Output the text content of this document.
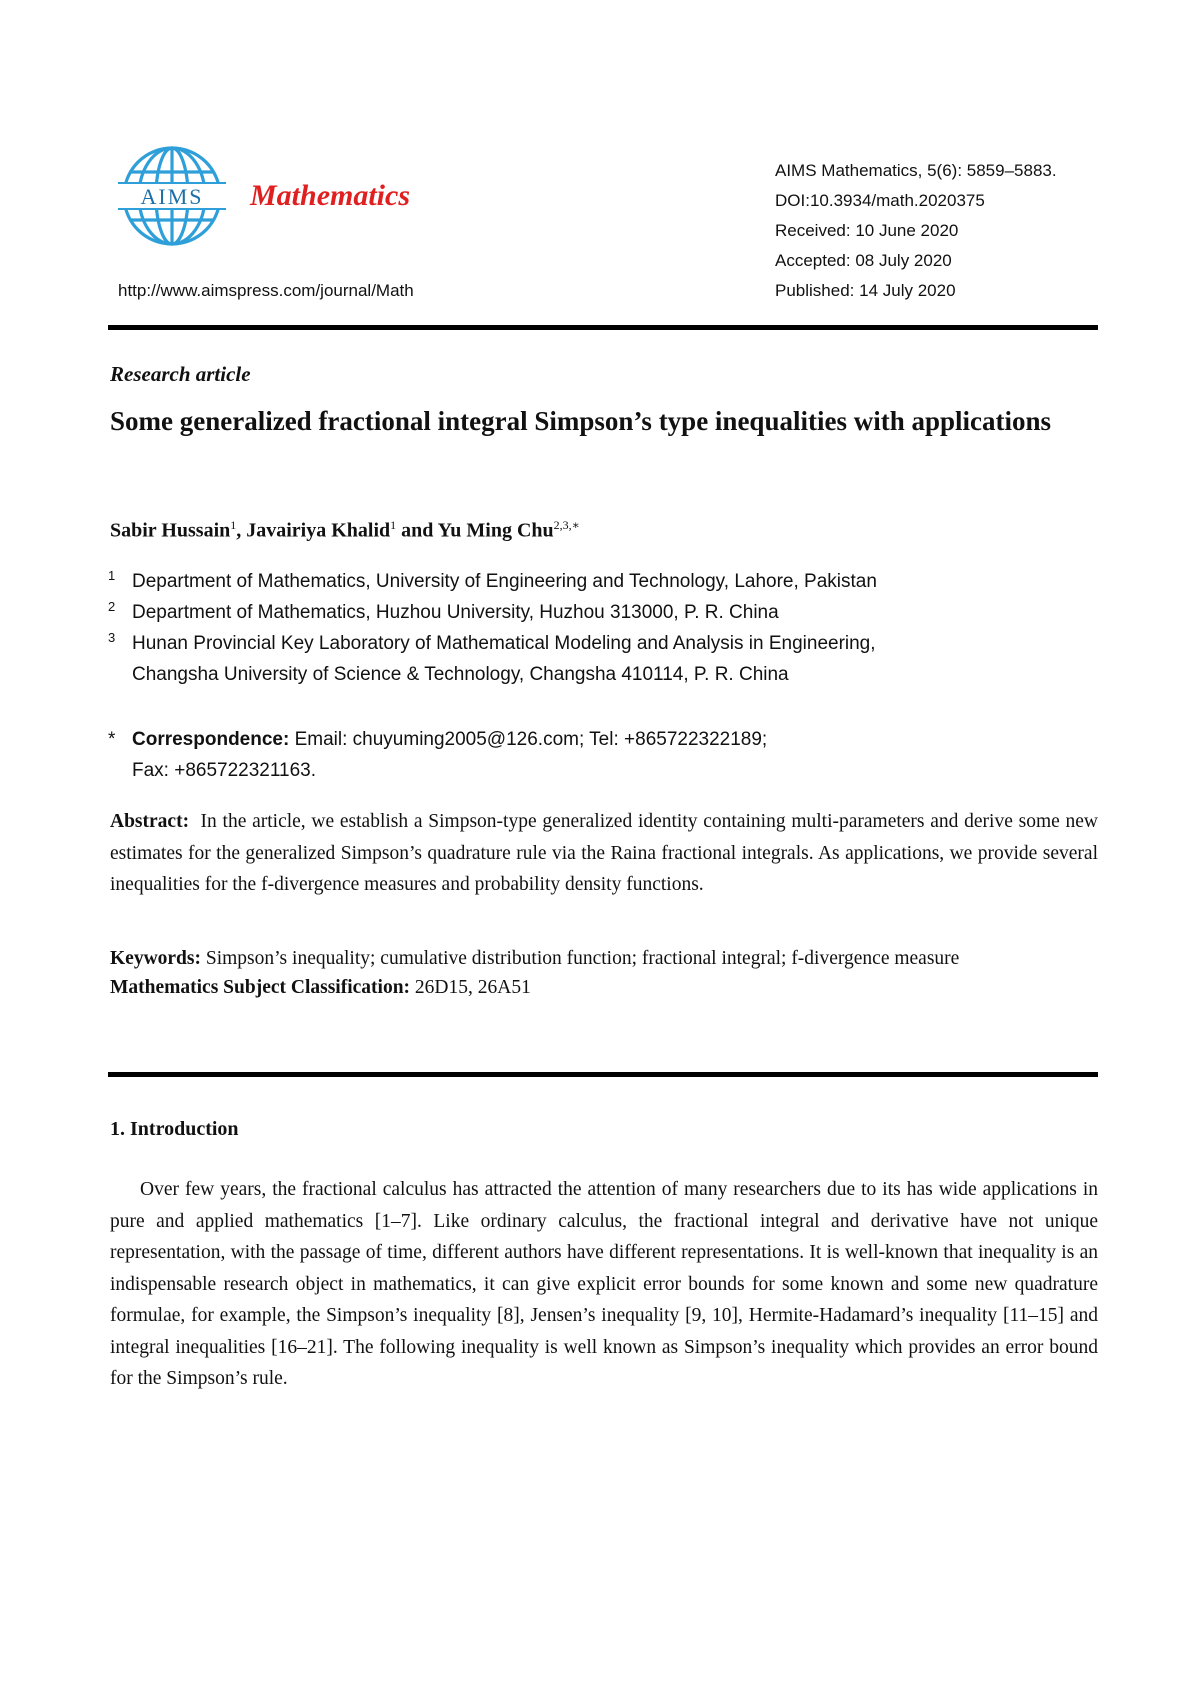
AIMS Mathematics
http://www.aimspress.com/journal/Math
AIMS Mathematics, 5(6): 5859–5883.
DOI:10.3934/math.2020375
Received: 10 June 2020
Accepted: 08 July 2020
Published: 14 July 2020
Research article
Some generalized fractional integral Simpson’s type inequalities with applications
Sabir Hussain$^1$, Javairiya Khalid$^1$ and Yu Ming Chu$^{2,3,∗}$
1 Department of Mathematics, University of Engineering and Technology, Lahore, Pakistan
2 Department of Mathematics, Huzhou University, Huzhou 313000, P. R. China
3 Hunan Provincial Key Laboratory of Mathematical Modeling and Analysis in Engineering,
Changsha University of Science & Technology, Changsha 410114, P. R. China
* Correspondence: Email: chuyuming2005@126.com; Tel: +865722322189;
Fax: +865722321163.
Abstract: In the article, we establish a Simpson-type generalized identity containing multi-parameters and derive some new estimates for the generalized Simpson’s quadrature rule via the Raina fractional integrals. As applications, we provide several inequalities for the f-divergence measures and probability density functions.
Keywords: Simpson’s inequality; cumulative distribution function; fractional integral; f-divergence measure
Mathematics Subject Classification: 26D15, 26A51
1. Introduction
Over few years, the fractional calculus has attracted the attention of many researchers due to its has wide applications in pure and applied mathematics [1–7]. Like ordinary calculus, the fractional integral and derivative have not unique representation, with the passage of time, different authors have different representations. It is well-known that inequality is an indispensable research object in mathematics, it can give explicit error bounds for some known and some new quadrature formulae, for example, the Simpson’s inequality [8], Jensen’s inequality [9, 10], Hermite-Hadamard’s inequality [11–15] and integral inequalities [16–21]. The following inequality is well known as Simpson’s inequality which provides an error bound for the Simpson’s rule.
